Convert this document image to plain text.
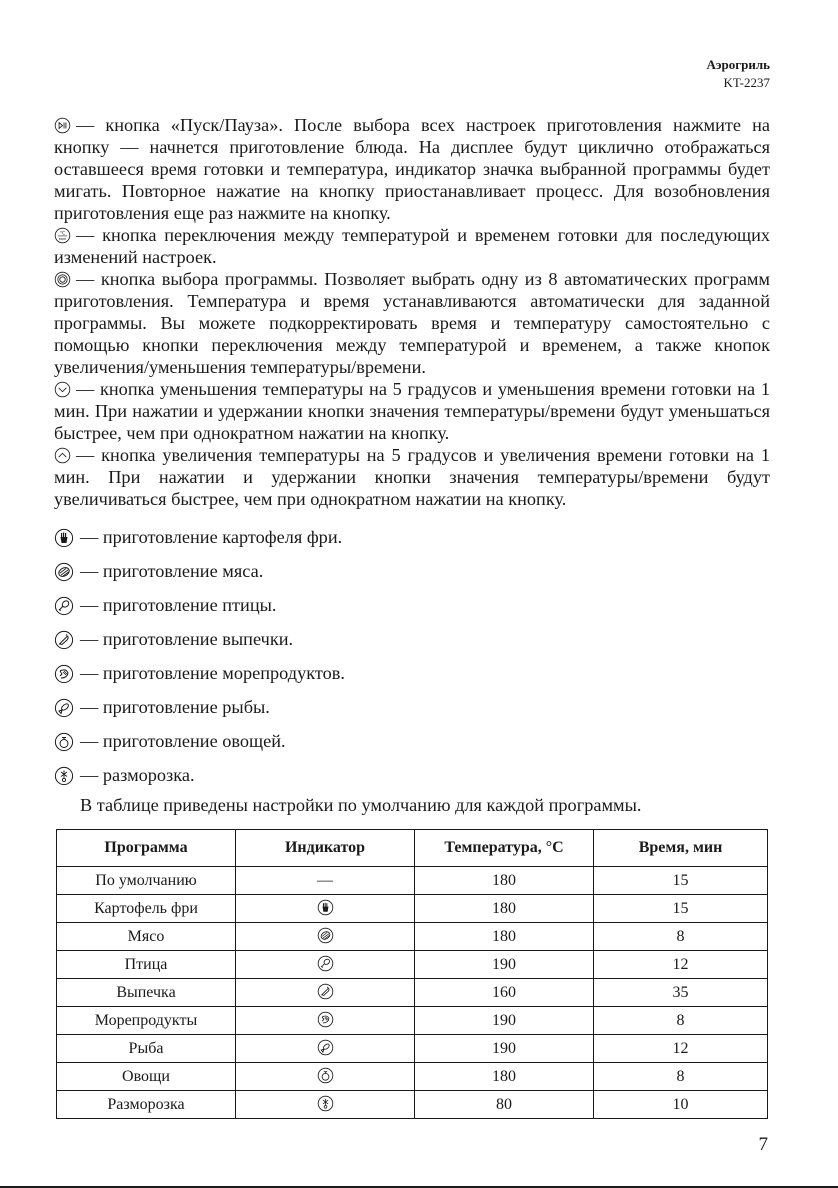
Аэрогриль
KT-2237

— кнопка «Пуск/Пауза». После выбора всех настроек приготовления нажмите на кнопку — начнется приготовление блюда. На дисплее будут циклично отображаться оставшееся время готовки и температура, индикатор значка выбранной программы будет мигать. Повторное нажатие на кнопку приостанавливает процесс. Для возобновления приготовления еще раз нажмите на кнопку.

°C
мин — кнопка переключения между температурой и временем готовки для последующих изменений настроек.

— кнопка выбора программы. Позволяет выбрать одну из 8 автоматических программ приготовления. Температура и время устанавливаются автоматически для заданной программы. Вы можете подкорректировать время и температуру самостоятельно с помощью кнопки переключения между температурой и временем, а также кнопок увеличения/уменьшения температуры/времени.

— кнопка уменьшения температуры на 5 градусов и уменьшения времени готовки на 1 мин. При нажатии и удержании кнопки значения температуры/времени будут уменьшаться быстрее, чем при однократном нажатии на кнопку.

— кнопка увеличения температуры на 5 градусов и увеличения времени готовки на 1 мин. При нажатии и удержании кнопки значения температуры/времени будут увеличиваться быстрее, чем при однократном нажатии на кнопку.

— приготовление картофеля фри.
— приготовление мяса.
— приготовление птицы.
— приготовление выпечки.
— приготовление морепродуктов.
— приготовление рыбы.
— приготовление овощей.
— разморозка.
В таблице приведены настройки по умолчанию для каждой программы.
Программа	Индикатор	Температура, °С	Время, мин
По умолчанию	—	180	15
Картофель фри		180	15
Мясо		180	8
Птица		190	12
Выпечка		160	35
Морепродукты		190	8
Рыба		190	12
Овощи		180	8
Разморозка		80	10
7
